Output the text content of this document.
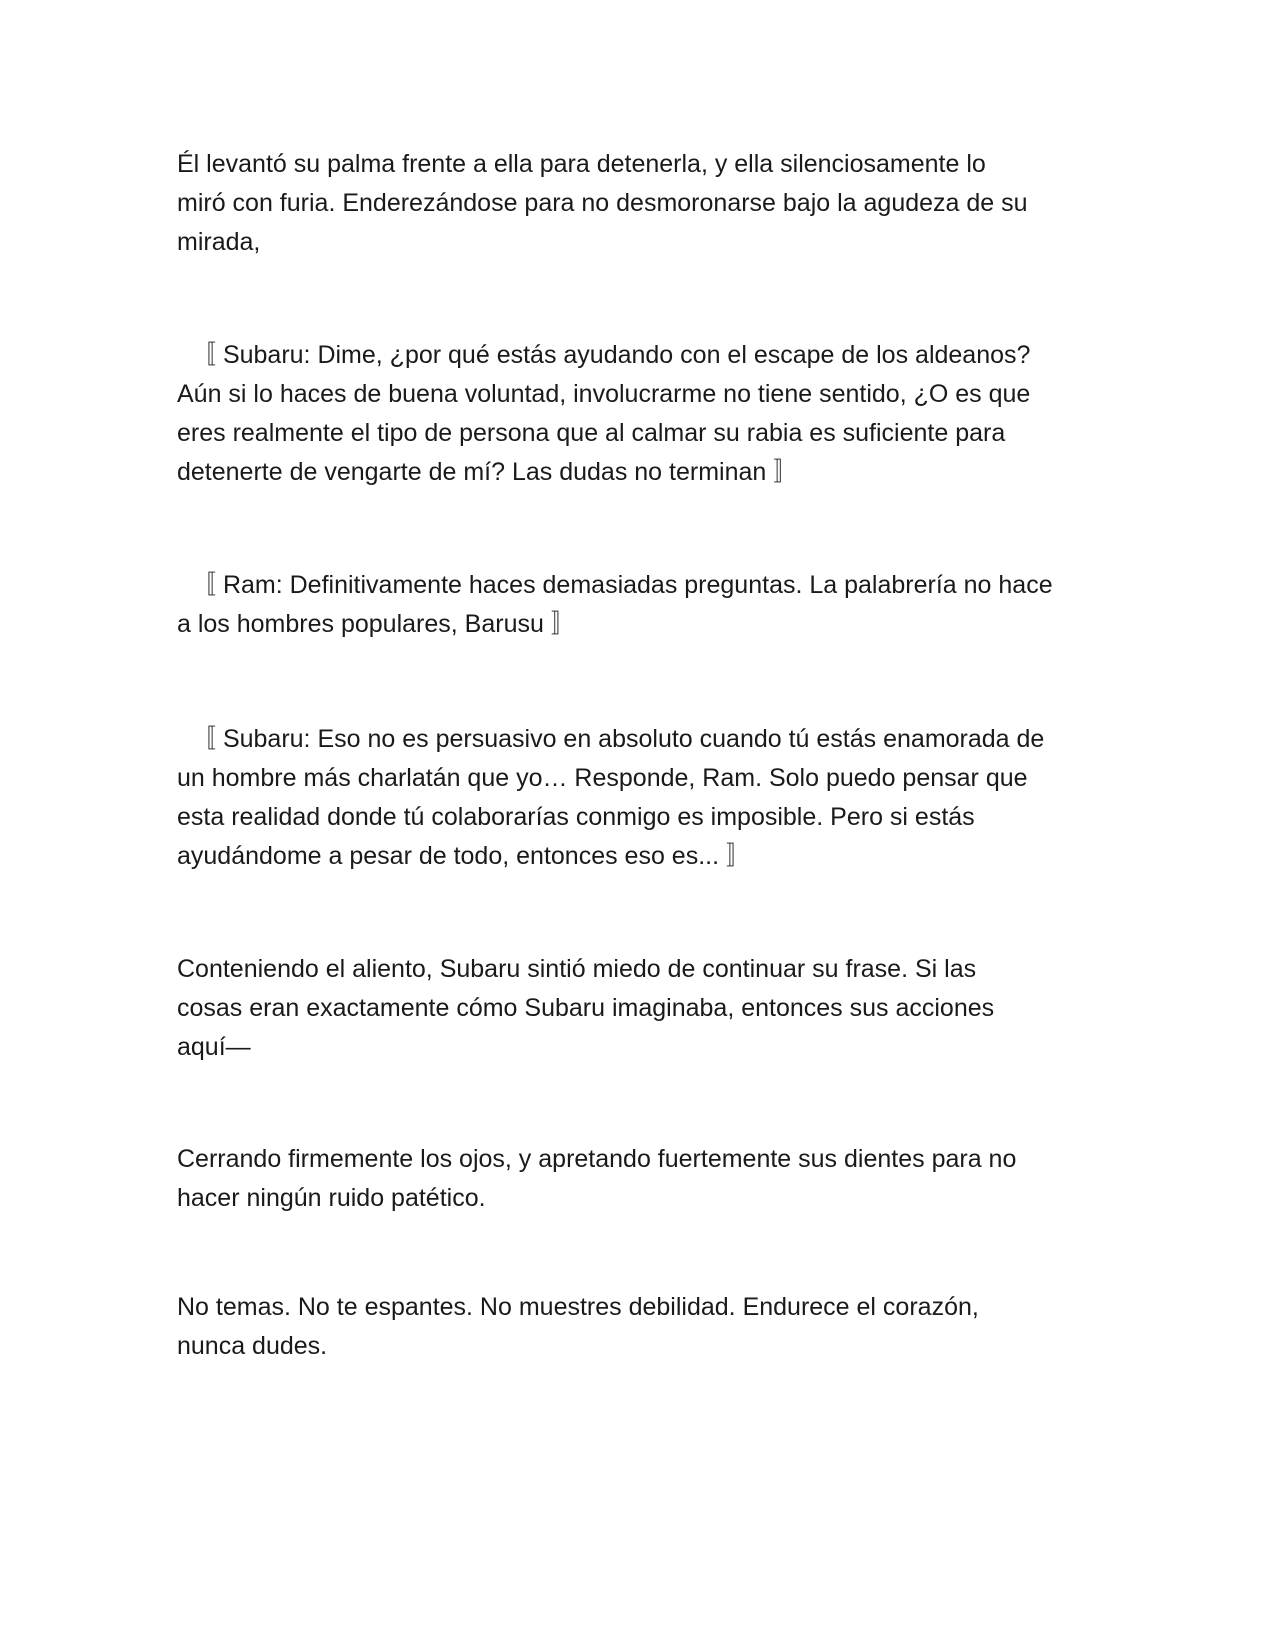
Él levantó su palma frente a ella para detenerla, y ella silenciosamente lo
miró con furia. Enderezándose para no desmoronarse bajo la agudeza de su
mirada,

〚 Subaru: Dime, ¿por qué estás ayudando con el escape de los aldeanos?
Aún si lo haces de buena voluntad, involucrarme no tiene sentido, ¿O es que
eres realmente el tipo de persona que al calmar su rabia es suficiente para
detenerte de vengarte de mí? Las dudas no terminan 〛

〚 Ram: Definitivamente haces demasiadas preguntas. La palabrería no hace
a los hombres populares, Barusu 〛

〚 Subaru: Eso no es persuasivo en absoluto cuando tú estás enamorada de
un hombre más charlatán que yo… Responde, Ram. Solo puedo pensar que
esta realidad donde tú colaborarías conmigo es imposible. Pero si estás
ayudándome a pesar de todo, entonces eso es... 〛

Conteniendo el aliento, Subaru sintió miedo de continuar su frase. Si las
cosas eran exactamente cómo Subaru imaginaba, entonces sus acciones
aquí—

Cerrando firmemente los ojos, y apretando fuertemente sus dientes para no
hacer ningún ruido patético.

No temas. No te espantes. No muestres debilidad. Endurece el corazón,
nunca dudes.
